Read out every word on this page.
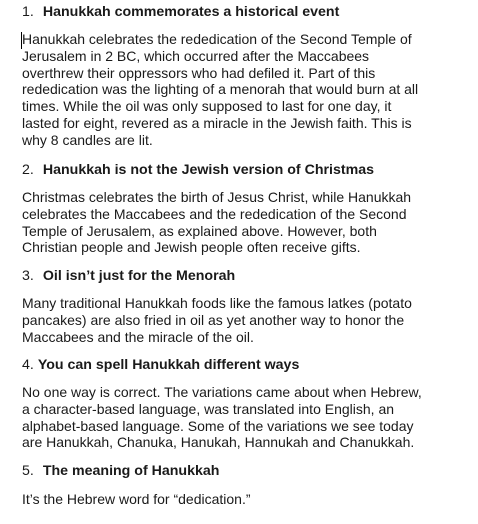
1. Hanukkah commemorates a historical event
Hanukkah celebrates the rededication of the Second Temple of
Jerusalem in 2 BC, which occurred after the Maccabees
overthrew their oppressors who had defiled it. Part of this
rededication was the lighting of a menorah that would burn at all
times. While the oil was only supposed to last for one day, it
lasted for eight, revered as a miracle in the Jewish faith. This is
why 8 candles are lit.
2. Hanukkah is not the Jewish version of Christmas
Christmas celebrates the birth of Jesus Christ, while Hanukkah
celebrates the Maccabees and the rededication of the Second
Temple of Jerusalem, as explained above. However, both
Christian people and Jewish people often receive gifts.
3. Oil isn’t just for the Menorah
Many traditional Hanukkah foods like the famous latkes (potato
pancakes) are also fried in oil as yet another way to honor the
Maccabees and the miracle of the oil.
4. You can spell Hanukkah different ways
No one way is correct. The variations came about when Hebrew,
a character-based language, was translated into English, an
alphabet-based language. Some of the variations we see today
are Hanukkah, Chanuka, Hanukah, Hannukah and Chanukkah.
5. The meaning of Hanukkah
It’s the Hebrew word for “dedication.”
